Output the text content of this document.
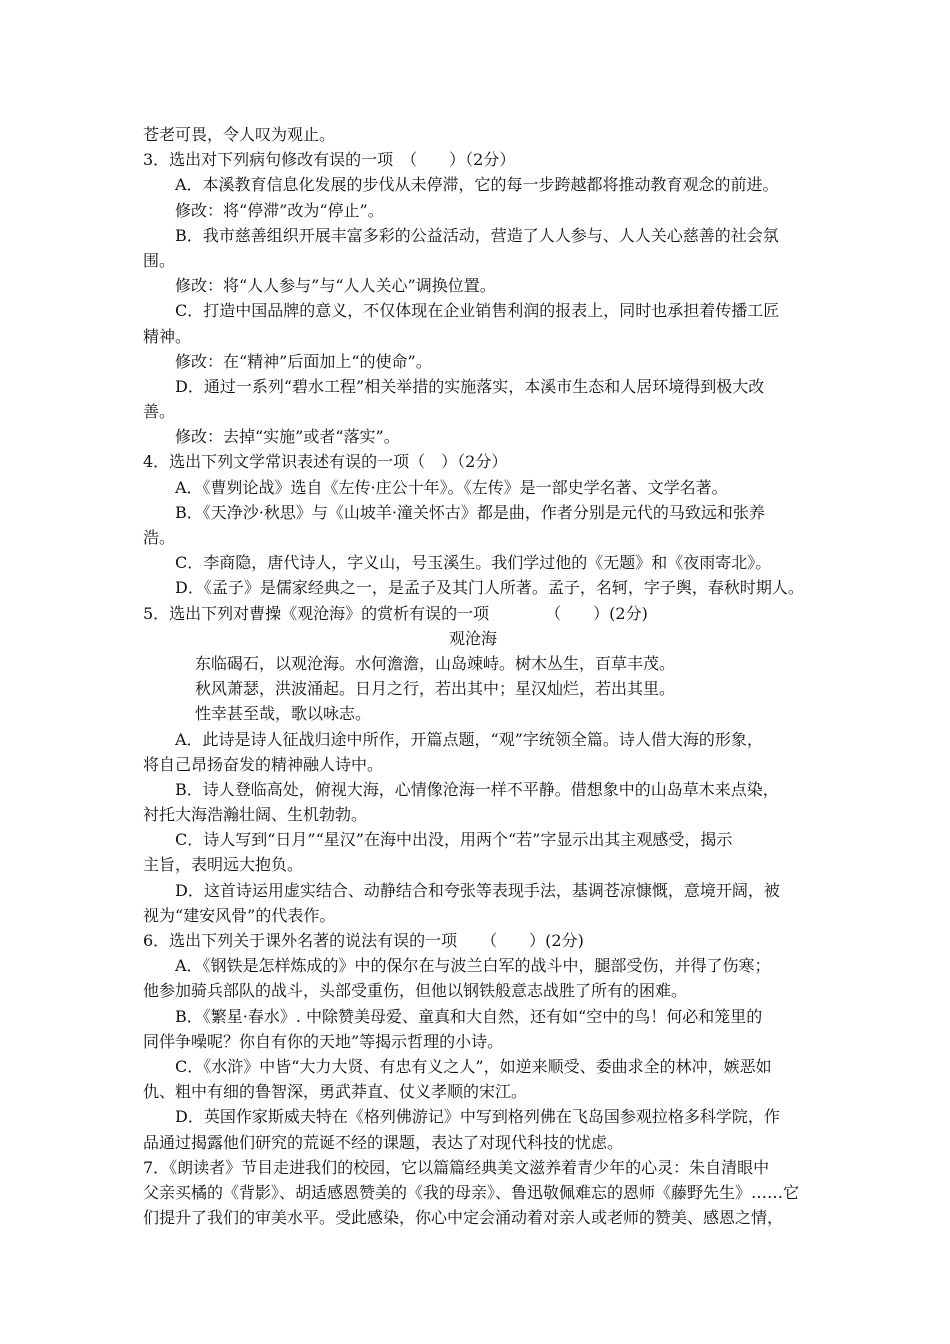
苍老可畏，令人叹为观止。
3．选出对下列病句修改有误的一项　（　　）（2分）
A．本溪教育信息化发展的步伐从未停滞，它的每一步跨越都将推动教育观念的前进。
修改：将“停滞”改为“停止”。
B．我市慈善组织开展丰富多彩的公益活动，营造了人人参与、人人关心慈善的社会氛
围。
修改：将“人人参与”与“人人关心”调换位置。
C．打造中国品牌的意义，不仅体现在企业销售利润的报表上，同时也承担着传播工匠
精神。
修改：在“精神”后面加上“的使命”。
D．通过一系列“碧水工程”相关举措的实施落实，本溪市生态和人居环境得到极大改
善。
修改：去掉“实施”或者“落实”。
4．选出下列文学常识表述有误的一项（　）（2分）
A．《曹刿论战》选自《左传·庄公十年》。《左传》是一部史学名著、文学名著。
B．《天净沙·秋思》与《山坡羊·潼关怀古》都是曲，作者分别是元代的马致远和张养
浩。
C．李商隐，唐代诗人，字义山，号玉溪生。我们学过他的《无题》和《夜雨寄北》。
D．《孟子》是儒家经典之一，是孟子及其门人所著。孟子，名轲，字子舆，春秋时期人。
5．选出下列对曹操《观沧海》的赏析有误的一项　　　　（　　）(2分)
观沧海
东临碣石，以观沧海。水何澹澹，山岛竦峙。树木丛生，百草丰茂。
秋风萧瑟，洪波涌起。日月之行，若出其中；星汉灿烂，若出其里。
性幸甚至哉，歌以咏志。
A．此诗是诗人征战归途中所作，开篇点题，“观”字统领全篇。诗人借大海的形象，
将自己昂扬奋发的精神融人诗中。
B．诗人登临高处，俯视大海，心情像沧海一样不平静。借想象中的山岛草木来点染，
衬托大海浩瀚壮阔、生机勃勃。
C．诗人写到“日月”“星汉”在海中出没，用两个“若”字显示出其主观感受，揭示
主旨，表明远大抱负。
D．这首诗运用虚实结合、动静结合和夸张等表现手法，基调苍凉慷慨，意境开阔，被
视为“建安风骨”的代表作。
6．选出下列关于课外名著的说法有误的一项　　（　　）(2分)
A．《钢铁是怎样炼成的》中的保尔在与波兰白军的战斗中，腿部受伤，并得了伤寒；
他参加骑兵部队的战斗，头部受重伤，但他以钢铁般意志战胜了所有的困难。
B．《繁星·春水》. 中除赞美母爱、童真和大自然，还有如“空中的鸟！何必和笼里的
同伴争噪呢？你自有你的天地”等揭示哲理的小诗。
C．《水浒》中皆“大力大贤、有忠有义之人”，如逆来顺受、委曲求全的林冲，嫉恶如
仇、粗中有细的鲁智深，勇武莽直、仗义孝顺的宋江。
D．英国作家斯威夫特在《格列佛游记》中写到格列佛在飞岛国参观拉格多科学院，作
品通过揭露他们研究的荒诞不经的课题，表达了对现代科技的忧虑。
7．《朗读者》节目走进我们的校园，它以篇篇经典美文滋养着青少年的心灵：朱自清眼中
父亲买橘的《背影》、胡适感恩赞美的《我的母亲》、鲁迅敬佩难忘的恩师《藤野先生》……它
们提升了我们的审美水平。受此感染，你心中定会涌动着对亲人或老师的赞美、感恩之情，
